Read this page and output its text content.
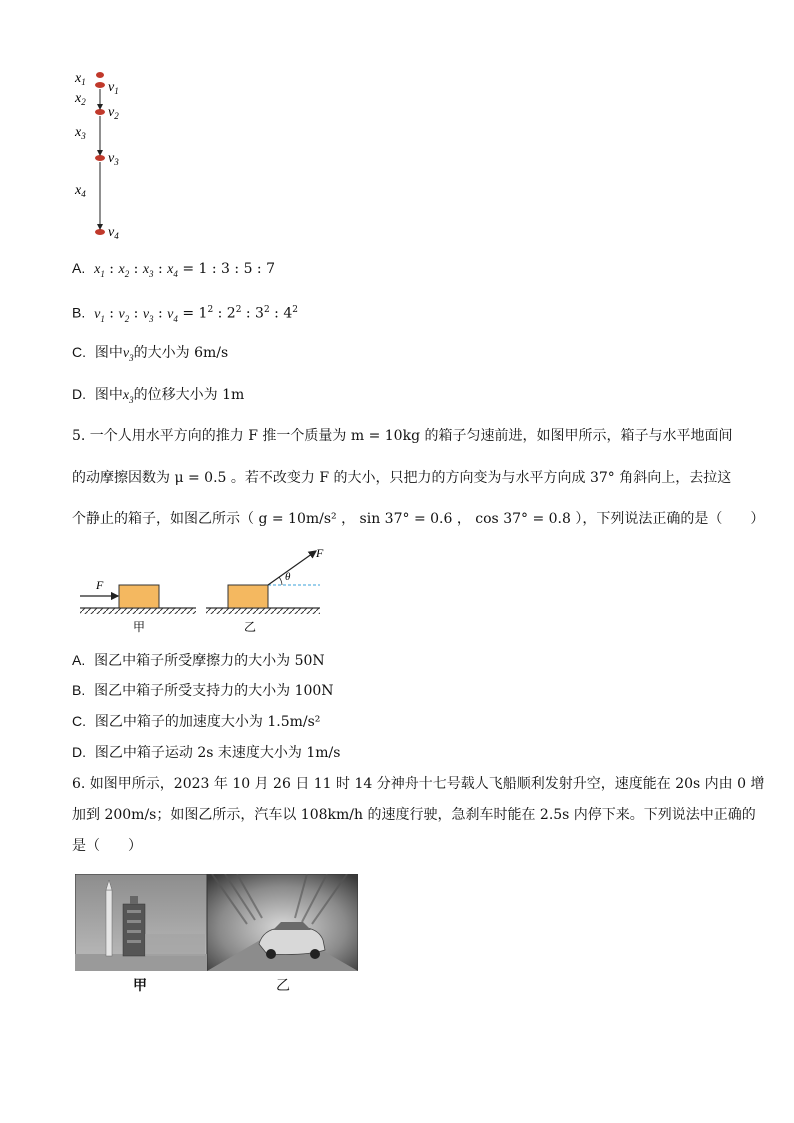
$x_1$
$x_2$
$x_3$
$x_4$
$v_1$
$v_2$
$v_3$
$v_4$
A. $x_1$ : $x_2$ : $x_3$ : $x_4 = 1$ : 3 : 5 : 7
B. $v_1$ : $v_2$ : $v_3$ : $v_4 = 1^2$ : $2^2$ : $3^2$ : $4^2$
C. 图中$v_3$的大小为 6m/s
D. 图中$x_3$的位移大小为 1m
5. 一个人用水平方向的推力 F 推一个质量为 m = 10kg 的箱子匀速前进，如图甲所示，箱子与水平地面间
的动摩擦因数为 μ = 0.5 。若不改变力 F 的大小，只把力的方向变为与水平方向成 37° 角斜向上，去拉这
个静止的箱子，如图乙所示（ g = 10m/s² ， sin 37° = 0.6 ， cos 37° = 0.8 ），下列说法正确的是（　　）
F
θ
F
甲	乙
A. 图乙中箱子所受摩擦力的大小为 50N
B. 图乙中箱子所受支持力的大小为 100N
C. 图乙中箱子的加速度大小为 1.5m/s²
D. 图乙中箱子运动 2s 末速度大小为 1m/s
6. 如图甲所示，2023 年 10 月 26 日 11 时 14 分神舟十七号载人飞船顺利发射升空，速度能在 20s 内由 0 增
加到 200m/s；如图乙所示，汽车以 108km/h 的速度行驶，急刹车时能在 2.5s 内停下来。下列说法中正确的
是（　　）
甲	乙
